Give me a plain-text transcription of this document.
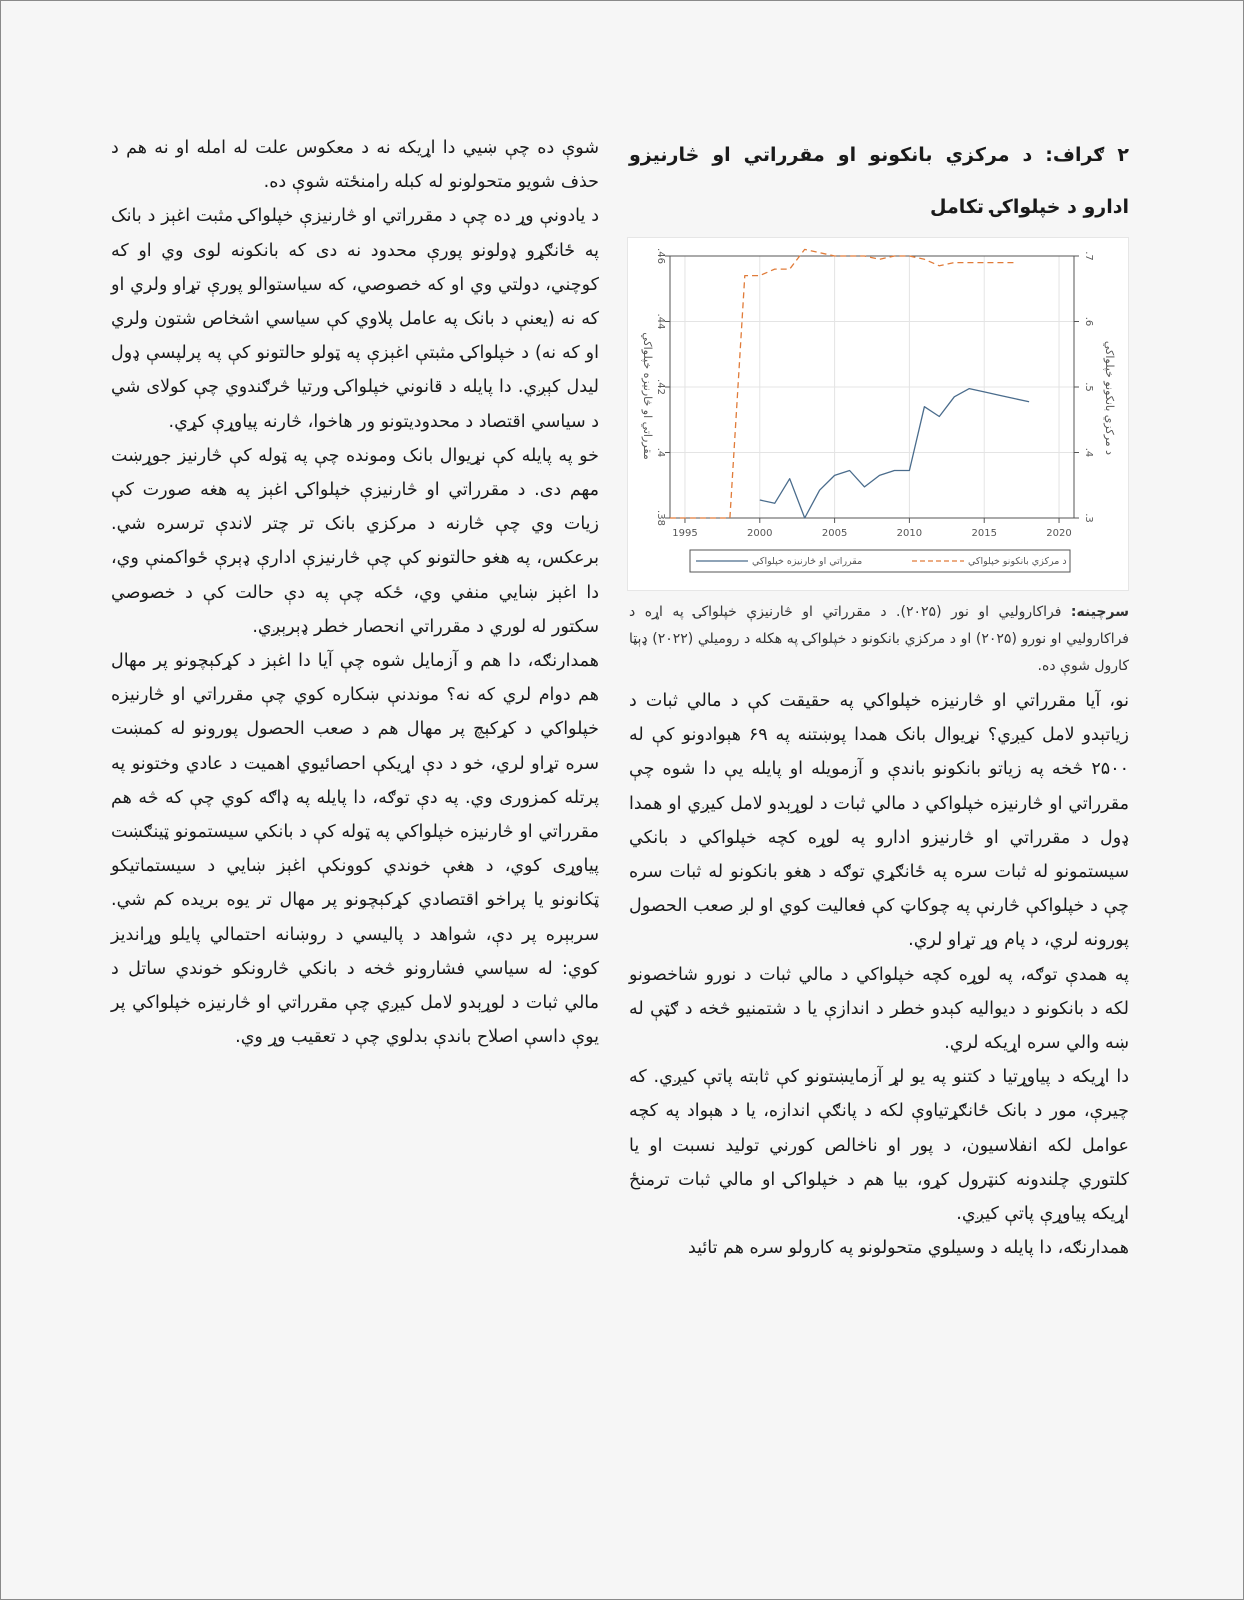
۲ ګراف: د مرکزي بانکونو او مقرراتي او څارنیزو ادارو د خپلواکۍ تکامل

.38
.4
.42
.44
.46
.3
.4
.5
.6
.7
1995	2000	2005	2010	2015	2020
مقرراتي او څارنیزه خپلواکي	د مرکزي بانکونو خپلواکي
مقرراتي او څارنیزه خپلواکي	د مرکزي بانکونو خپلواکي
سرچینه: فراکاروليي او نور (۲۰۲۵). د مقرراتي او څارنیزې خپلواکۍ په اړه د فراکاروليي او نورو (۲۰۲۵) او د مرکزي بانکونو د خپلواکۍ په هکله د رومیلي (۲۰۲۲) ډېټا کارول شوې ده.

نو، آیا مقرراتي او څارنیزه خپلواکي په حقیقت کې د مالي ثبات د زیاتېدو لامل کیږي؟ نړیوال بانک همدا پوښتنه په ۶۹ هېوادونو کې له ۲۵۰۰ څخه په زیاتو بانکونو باندې و آزمویله او پایله یې دا شوه چې مقرراتي او څارنیزه خپلواکي د مالي ثبات د لوړېدو لامل کیږي او همدا ډول د مقرراتي او څارنیزو ادارو په لوړه کچه خپلواکي د بانکي سیستمونو له ثبات سره په ځانګړي توګه د هغو بانکونو له ثبات سره چې د خپلواکې څارنې په چوکاټ کې فعالیت کوي او لږ صعب الحصول پورونه لري، د پام وړ تړاو لري.

په همدې توګه، په لوړه کچه خپلواکي د مالي ثبات د نورو شاخصونو لکه د بانکونو د دیوالیه کېدو خطر د اندازې یا د شتمنیو څخه د ګټې له ښه والي سره اړیکه لري.

دا اړیکه د پیاوړتیا د کتنو په یو لړ آزمایښتونو کې ثابته پاتې کیږي. که چیرې، مور د بانک ځانګړتیاوې لکه د پانګې اندازه، یا د هېواد په کچه عوامل لکه انفلاسیون، د پور او ناخالص کورني تولید نسبت او یا کلتوري چلندونه کنټرول کړو، بیا هم د خپلواکۍ او مالي ثبات ترمنځ اړیکه پیاوړې پاتې کیږي.

همدارنګه، دا پایله د وسیلوي متحولونو په کارولو سره هم تائید

شوې ده چې ښیي دا اړیکه نه د معکوس علت له امله او نه هم د حذف شویو متحولونو له کبله رامنځته شوې ده.

د یادونې وړ ده چې د مقرراتي او څارنیزې خپلواکۍ مثبت اغېز د بانک په ځانګړو ډولونو پورې محدود نه دی که بانکونه لوی وي او که کوچني، دولتي وي او که خصوصي، که سیاستوالو پورې تړاو ولري او که نه (یعنې د بانک په عامل پلاوي کې سیاسي اشخاص شتون ولري او که نه) د خپلواکۍ مثبتې اغېزې په ټولو حالتونو کې په پرلپسې ډول لیدل کېږي. دا پایله د قانوني خپلواکۍ ورتیا څرګندوي چې کولای شي د سیاسي اقتصاد د محدودیتونو ور هاخوا، څارنه پیاوړې کړي.

خو په پایله کې نړیوال بانک ومونده چې په ټوله کې څارنیز جوړښت مهم دی. د مقرراتي او څارنیزې خپلواکۍ اغېز په هغه صورت کې زیات وي چې څارنه د مرکزي بانک تر چتر لاندې ترسره شي. برعکس، په هغو حالتونو کې چې څارنیزې ادارې ډېرې ځواکمنې وي، دا اغېز ښایي منفي وي، ځکه چې په دې حالت کې د خصوصي سکتور له لوري د مقرراتي انحصار خطر ډېرېږي.

همدارنګه، دا هم و آزمایل شوه چې آیا دا اغېز د کړکېچونو پر مهال هم دوام لري که نه؟ موندنې ښکاره کوي چې مقرراتي او څارنیزه خپلواکي د کړکېچ پر مهال هم د صعب الحصول پورونو له کمښت سره تړاو لري، خو د دې اړیکې احصائیوي اهمیت د عادي وختونو په پرتله کمزوری وي. په دې توګه، دا پایله په ډاګه کوي چې که څه هم مقرراتي او څارنیزه خپلواکي په ټوله کې د بانکي سیستمونو ټینګښت پیاوړی کوي، د هغې خوندي کوونکې اغېز ښایي د سیستماتیکو ټکانونو یا پراخو اقتصادي کړکېچونو پر مهال تر یوه بریده کم شي. سربېره پر دې، شواهد د پالیسي د روښانه احتمالي پایلو وړاندیز کوي: له سیاسي فشارونو څخه د بانکي څارونکو خوندي ساتل د مالي ثبات د لوړېدو لامل کیږي چې مقرراتي او څارنیزه خپلواکي پر یوې داسې اصلاح باندې بدلوي چې د تعقیب وړ وي.
